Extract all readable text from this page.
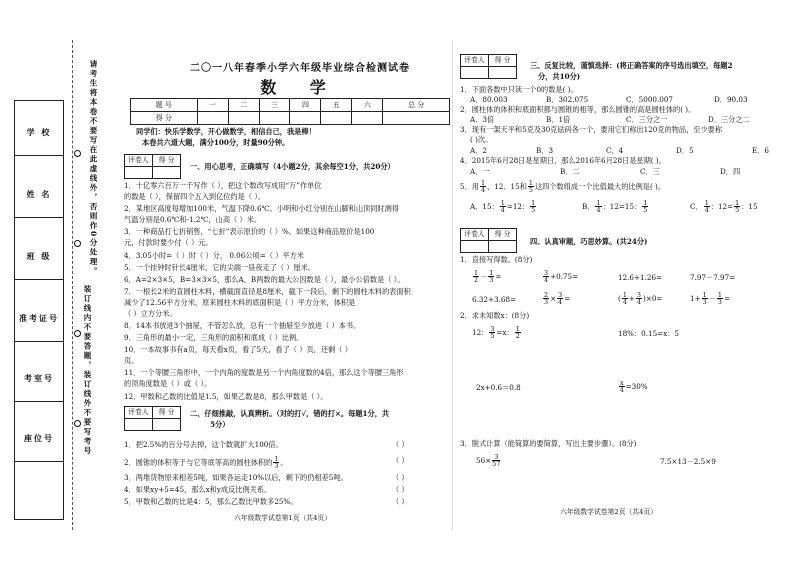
学 校
姓 名
班 级
准考证号
考室号
座位号
请考生将本卷不要写在此虚线外，否则作0分处理。
装订线内不要答题，装订线外不要写考号
二〇一八年春季小学六年级毕业综合检测试卷
数 学
题 号	一	二	三	四	五	六	总 分
得 分							
同学们：快乐学数学，开心做数学，相信自己，我是棒！
本卷共六道大题，满分100分，时量90分钟。
评卷人	得 分

一、用心思考，正确填写（4小题2分，其余每空1分，共20分）
1．十亿零六百万一千写作（ ），把这个数改写成用“万”作单位
的数是（ ），保留四个五入到亿位约是（ ）。
2．某地区高度每增加100米，气温下降0.6℃。小明和小红分别在山脚和山顶同时测得
气温分别是0.6℃和-1.2℃，山高（ ）米。
3．一种商品打七折销售，“七折”表示原价的（ ）%。如果这种商品原价是100
元，付款时要少付（ ）元。
4．3.05小时=（ ）时（ ）分， 0.06公顷=（ ）平方米
5．一个挂钟时针长4厘米，它的尖端一昼夜走了（ ）厘米。
6．A=2×3×5，B=3×3×5，那么A，B两数的最大公因数是（ ），最小公倍数是（ ）。
7．一根长2米的直圆柱木料，横截面直径是8厘米，截下一段后，剩下的圆柱木料的表面积
减少了12.56平方分米，原来圆柱木料的底面积是（ ）平方分米，体积是
（ ）立方分米。
8．14本书放进3个抽屉，不管怎么放，总有一个抽屉至少放进（ ）本书。
9．三角形的最小一定，三角形的面积和底成（ ）比例。
10．一本故事书有a页，每天看x页，看了5天，看了（ ）页，还剩（ ）
页。
11．一个等腰三角形中，一个内角的度数是另一个内角度数的4倍，那么这个等腰三角形
的顶角度数是（ ）或（ ）。
12．甲数和乙数的比值是1.5，如果乙数是8，那么甲数是（ ）。
评卷人	得 分
	二、仔细推敲，认真辨析。（对的打√，错的打×。每题1分，共
5分）
1．把2.5%的百分号去掉，这个数就扩大100倍。	（ ）
2．圆锥的体积等于与它等底等高的圆柱体积的 $\frac{1}{3}$ 。	（ ）
3．两堆货物原来相差5吨，如果各运走10%以后，剩下的仍相差5吨。	（ ）
4．如果xy+5=45，那么x和y成反比例关系。	（ ）
5．甲数和乙数的比是4：5，那么乙数比甲数多25%。	（ ）
六年级数学试卷第1页（共4页）
评卷人	得 分

三、反复比较，谨慎选择：(将正确答案的序号选出填空，每题2
分，共10分)
1．下面各数中只读一个0的数是( )。
A．80.003	B．302.075	C．5000.007	D．90.03
2．圆柱体的体积和底面积都与圆锥的相等，那么圆锥的高是圆柱体的( )。
A．3倍	B．1倍	C．三分之一	D．三分之二
3．现有一架天平和5克及30克砝码各一个，要用它们称出120克的物品，至少要称
( )次。
A．2	B．3	C．4	D．5	E．6
4．2015年6月28日是星期日，那么2016年6月28日是星期( )。
A．一	B．二	C．三	D．四
5．用 $\frac{1}{4}$ 、12、15和 $\frac{1}{5}$ 这四个数组成一个比值最大的比例是( )。
A．15： $\frac{1}{4} =12$： $\frac{1}{5}$	B． $\frac{1}{4}$ ：12=15： $\frac{1}{5}$	C． $\frac{1}{4}$ ：$12= \frac{1}{5}$ ：15
评卷人	得 分

四、认真审题，巧思妙算。(共24分)
1．直接写得数。(8分)
$\frac{1}{2} - \frac{1}{3}$ =	$\frac{3}{4} +0.75=$	12.6+1.26=	7.97－7.97=
6.32+3.68=	$\frac{2}{3} \times \frac{3}{4}$ =	( $\frac{1}{4} + \frac{3}{4} )\times 0=$	$1+ \frac{1}{3} - \frac{1}{3}$ =
2．求未知数x：(8分)
12： $\frac{3}{5} =x$： $\frac{1}{2}$	18%：0.15=x：5
2x+0.6＝0.8	$\frac{x}{4} =30\%$
3．脱式计算（能简算的要简算，写出主要步骤）。(8分)
$56\times \frac{3}{57}$	7.5×13－2.5×9
六年级数学试卷第2页（共4页）
